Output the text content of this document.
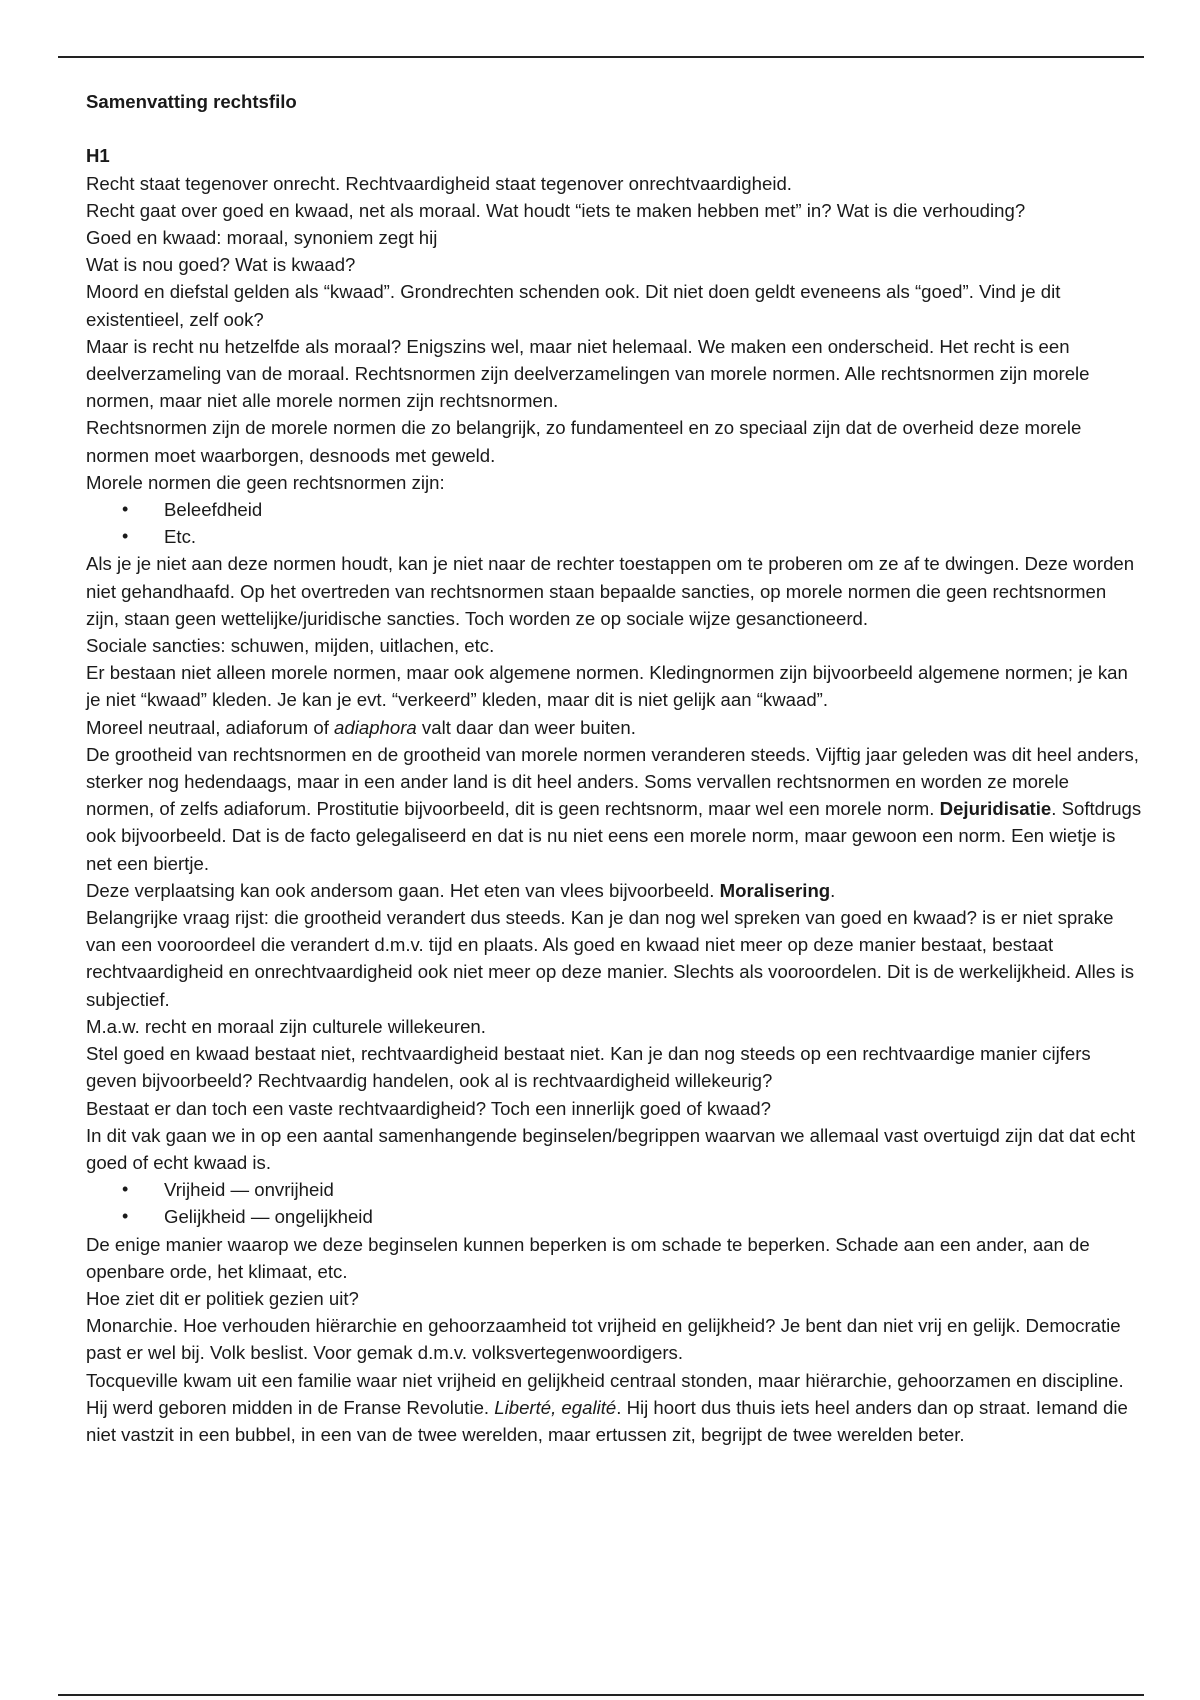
Samenvatting rechtsfilo

H1

Recht staat tegenover onrecht. Rechtvaardigheid staat tegenover onrechtvaardigheid.

Recht gaat over goed en kwaad, net als moraal. Wat houdt “iets te maken hebben met” in? Wat is die verhouding?

Goed en kwaad: moraal, synoniem zegt hij

Wat is nou goed? Wat is kwaad?

Moord en diefstal gelden als “kwaad”. Grondrechten schenden ook. Dit niet doen geldt eveneens als “goed”. Vind je dit existentieel, zelf ook?

Maar is recht nu hetzelfde als moraal? Enigszins wel, maar niet helemaal. We maken een onderscheid. Het recht is een deelverzameling van de moraal. Rechtsnormen zijn deelverzamelingen van morele normen. Alle rechtsnormen zijn morele normen, maar niet alle morele normen zijn rechtsnormen.

Rechtsnormen zijn de morele normen die zo belangrijk, zo fundamenteel en zo speciaal zijn dat de overheid deze morele normen moet waarborgen, desnoods met geweld.

Morele normen die geen rechtsnormen zijn:

• Beleefdheid
• Etc.

Als je je niet aan deze normen houdt, kan je niet naar de rechter toestappen om te proberen om ze af te dwingen. Deze worden niet gehandhaafd. Op het overtreden van rechtsnormen staan bepaalde sancties, op morele normen die geen rechtsnormen zijn, staan geen wettelijke/juridische sancties. Toch worden ze op sociale wijze gesanctioneerd.

Sociale sancties: schuwen, mijden, uitlachen, etc.

Er bestaan niet alleen morele normen, maar ook algemene normen. Kledingnormen zijn bijvoorbeeld algemene normen; je kan je niet “kwaad” kleden. Je kan je evt. “verkeerd” kleden, maar dit is niet gelijk aan “kwaad”.

Moreel neutraal, adiaforum of adiaphora valt daar dan weer buiten.

De grootheid van rechtsnormen en de grootheid van morele normen veranderen steeds. Vijftig jaar geleden was dit heel anders, sterker nog hedendaags, maar in een ander land is dit heel anders. Soms vervallen rechtsnormen en worden ze morele normen, of zelfs adiaforum. Prostitutie bijvoorbeeld, dit is geen rechtsnorm, maar wel een morele norm. Dejuridisatie. Softdrugs ook bijvoorbeeld. Dat is de facto gelegaliseerd en dat is nu niet eens een morele norm, maar gewoon een norm. Een wietje is net een biertje.

Deze verplaatsing kan ook andersom gaan. Het eten van vlees bijvoorbeeld. Moralisering.

Belangrijke vraag rijst: die grootheid verandert dus steeds. Kan je dan nog wel spreken van goed en kwaad? is er niet sprake van een vooroordeel die verandert d.m.v. tijd en plaats. Als goed en kwaad niet meer op deze manier bestaat, bestaat rechtvaardigheid en onrechtvaardigheid ook niet meer op deze manier. Slechts als vooroordelen. Dit is de werkelijkheid. Alles is subjectief.

M.a.w. recht en moraal zijn culturele willekeuren.

Stel goed en kwaad bestaat niet, rechtvaardigheid bestaat niet. Kan je dan nog steeds op een rechtvaardige manier cijfers geven bijvoorbeeld? Rechtvaardig handelen, ook al is rechtvaardigheid willekeurig?

Bestaat er dan toch een vaste rechtvaardigheid? Toch een innerlijk goed of kwaad?

In dit vak gaan we in op een aantal samenhangende beginselen/begrippen waarvan we allemaal vast overtuigd zijn dat dat echt goed of echt kwaad is.

• Vrijheid — onvrijheid
• Gelijkheid — ongelijkheid

De enige manier waarop we deze beginselen kunnen beperken is om schade te beperken. Schade aan een ander, aan de openbare orde, het klimaat, etc.

Hoe ziet dit er politiek gezien uit?

Monarchie. Hoe verhouden hiërarchie en gehoorzaamheid tot vrijheid en gelijkheid? Je bent dan niet vrij en gelijk. Democratie past er wel bij. Volk beslist. Voor gemak d.m.v. volksvertegenwoordigers.

Tocqueville kwam uit een familie waar niet vrijheid en gelijkheid centraal stonden, maar hiërarchie, gehoorzamen en discipline. Hij werd geboren midden in de Franse Revolutie. Liberté, egalité. Hij hoort dus thuis iets heel anders dan op straat. Iemand die niet vastzit in een bubbel, in een van de twee werelden, maar ertussen zit, begrijpt de twee werelden beter.
